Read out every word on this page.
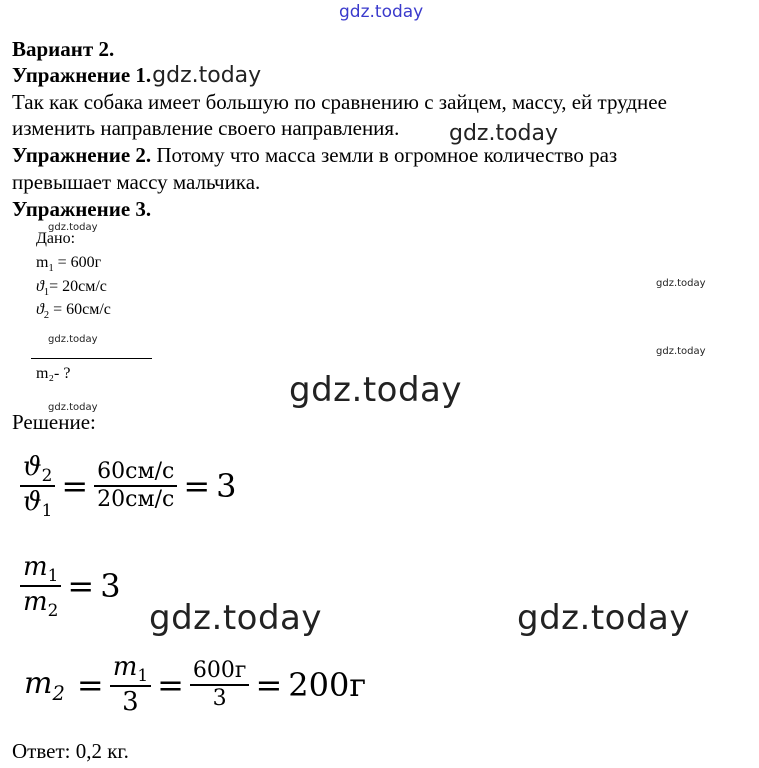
gdz.today
gdz.today
gdz.today
gdz.today
gdz.today
gdz.today
gdz.today
gdz.today
gdz.today	gdz.today
Вариант 2.
Упражнение 1.gdz.today
Так как собака имеет большую по сравнению с зайцем, массу, ей труднее
изменить направление своего направления.
Упражнение 2. Потому что масса земли в огромное количество раз
превышает массу мальчика.
Упражнение 3.
Дано:
$m_1 = 600г$
$ϑ_1= 20см/с$
$ϑ_2 = 60см/с$
m₂- ?
Решение:
$\frac{ϑ_2}{ϑ_1} = \frac{60см/с}{20см/с} = 3$
$\frac{m_1}{m_2} = 3$
$m_2 = \frac{m_1}{3} = \frac{600г}{3} = 200г$
Ответ: 0,2 кг.
